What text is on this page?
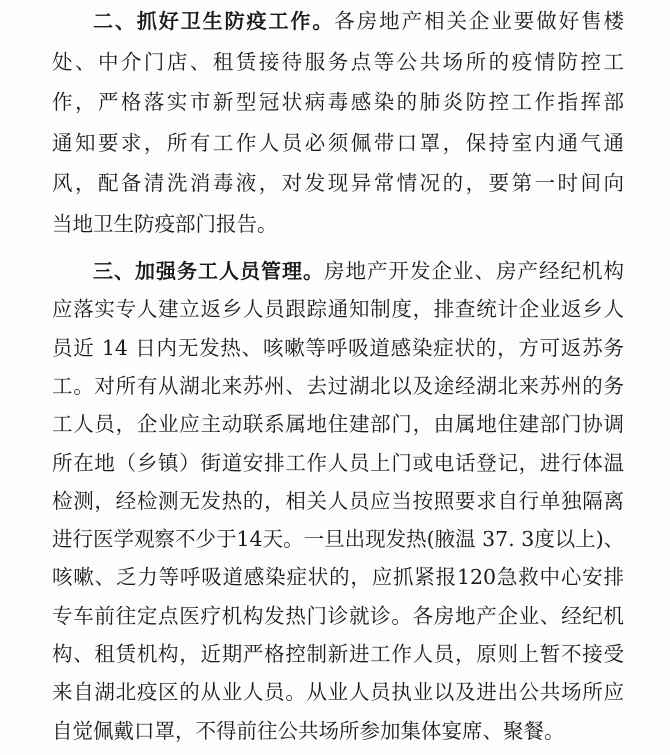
二、抓好卫生防疫工作。各房地产相关企业要做好售楼
处、中介门店、租赁接待服务点等公共场所的疫情防控工
作，严格落实市新型冠状病毒感染的肺炎防控工作指挥部
通知要求，所有工作人员必须佩带口罩，保持室内通气通
风，配备清洗消毒液，对发现异常情况的，要第一时间向
当地卫生防疫部门报告。
三、加强务工人员管理。房地产开发企业、房产经纪机构
应落实专人建立返乡人员跟踪通知制度，排查统计企业返乡人
员近 14 日内无发热、咳嗽等呼吸道感染症状的，方可返苏务
工。对所有从湖北来苏州、去过湖北以及途经湖北来苏州的务
工人员，企业应主动联系属地住建部门，由属地住建部门协调
所在地（乡镇）街道安排工作人员上门或电话登记，进行体温
检测，经检测无发热的，相关人员应当按照要求自行单独隔离
进行医学观察不少于14天。一旦出现发热(腋温 37. 3度以上)、
咳嗽、乏力等呼吸道感染症状的，应抓紧报120急救中心安排
专车前往定点医疗机构发热门诊就诊。各房地产企业、经纪机
构、租赁机构，近期严格控制新进工作人员，原则上暂不接受
来自湖北疫区的从业人员。从业人员执业以及进出公共场所应
自觉佩戴口罩，不得前往公共场所参加集体宴席、聚餐。
